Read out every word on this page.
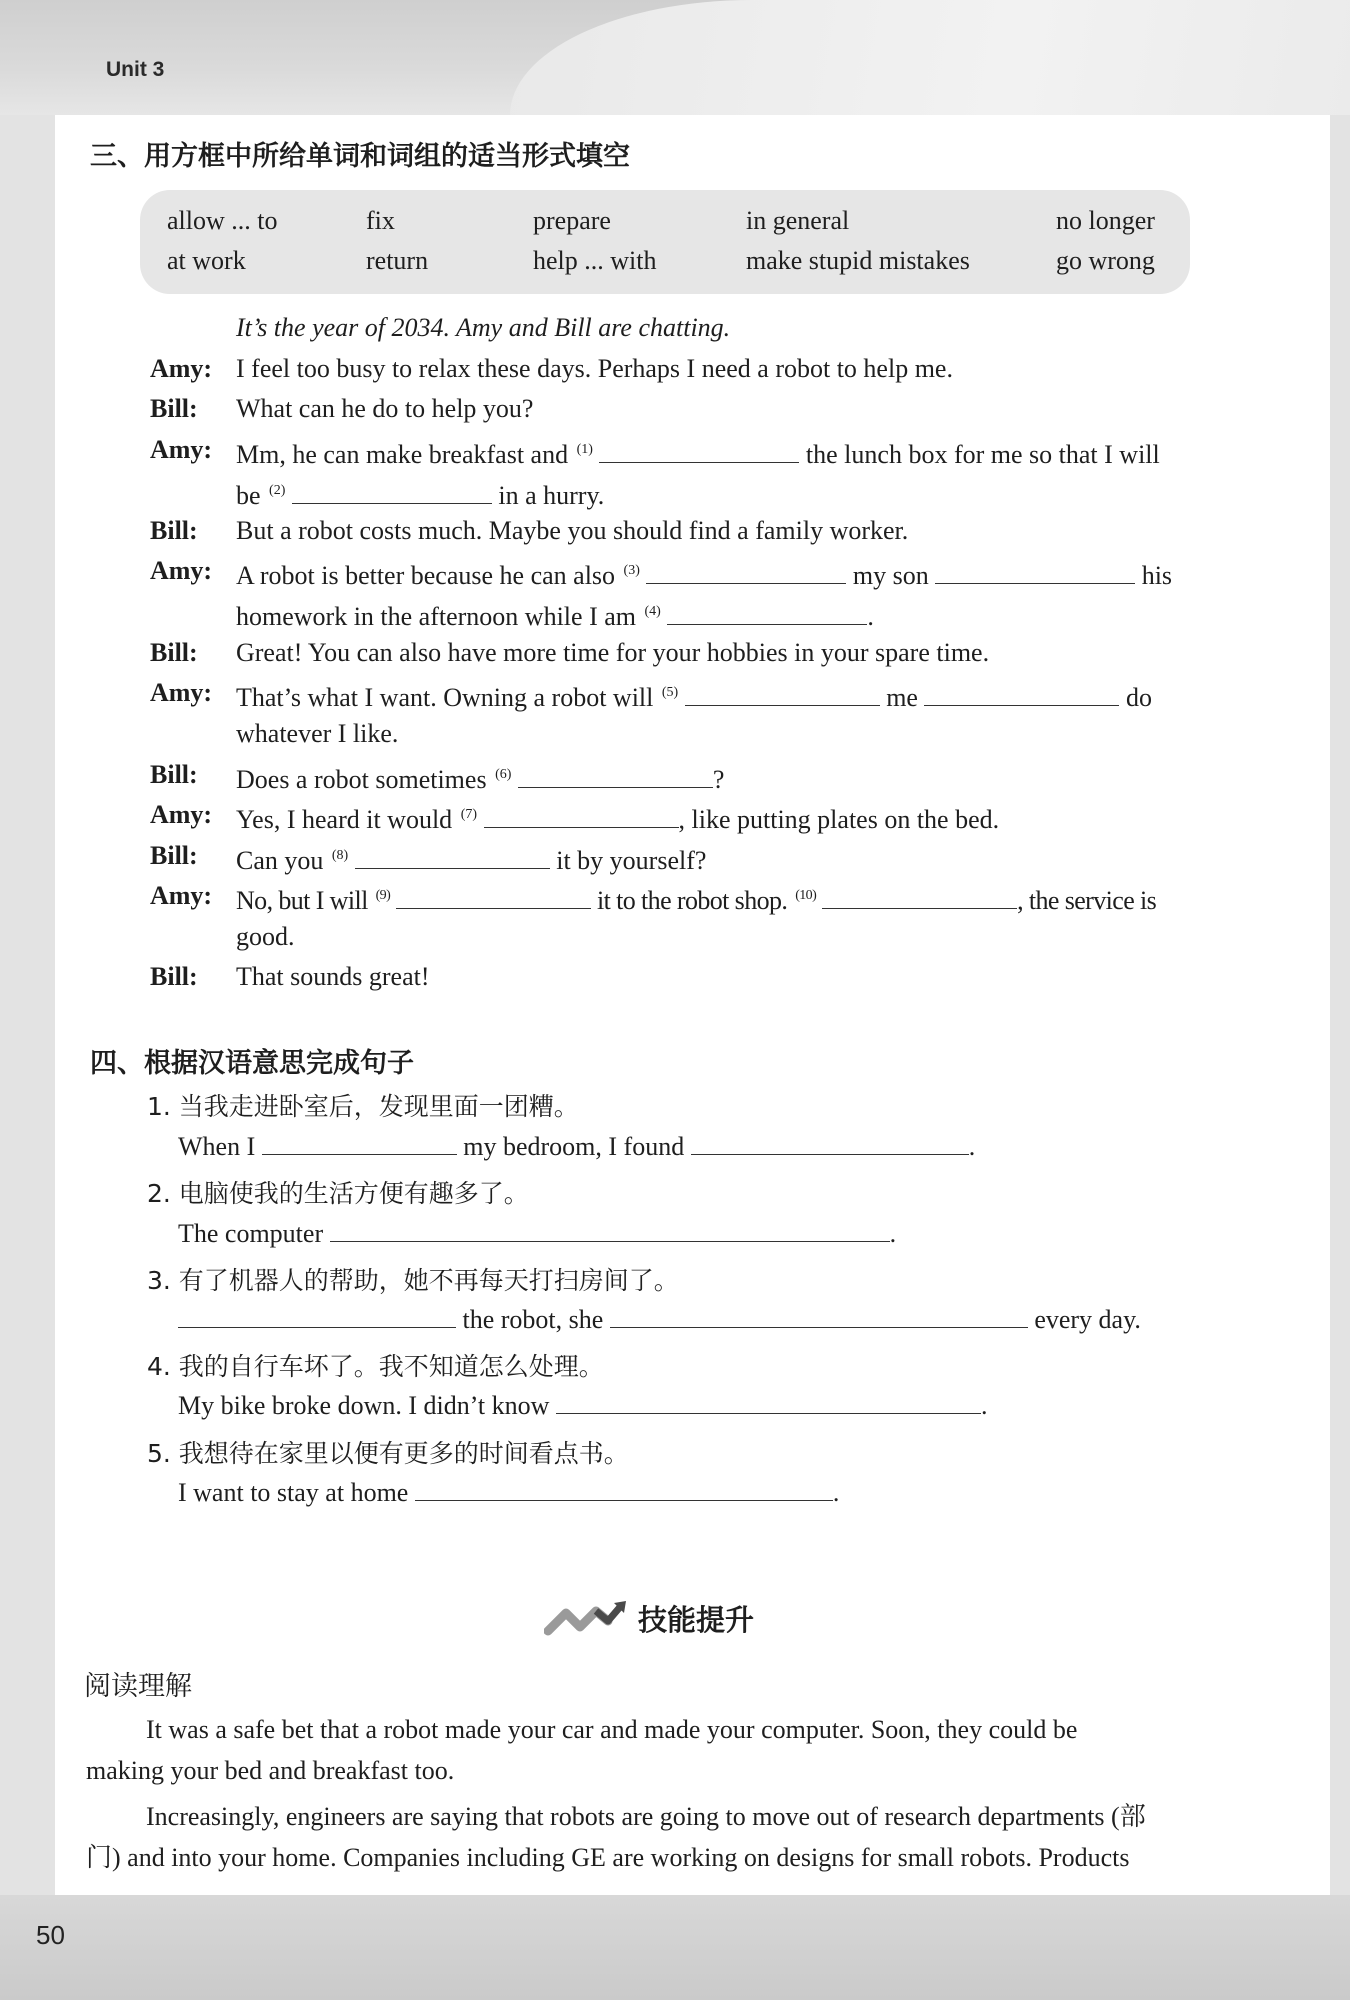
Unit 3
50
三、用方框中所给单词和词组的适当形式填空
allow ... to	fix	prepare	in general	no longer
at work	return	help ... with	make stupid mistakes	go wrong
It’s the year of 2034. Amy and Bill are chatting.
Amy: I feel too busy to relax these days. Perhaps I need a robot to help me.
Bill: What can he do to help you?
Amy: Mm, he can make breakfast and $^{(1)}$	the lunch box for me so that I will
be $^{(2)}$	in a hurry.
Bill: But a robot costs much. Maybe you should find a family worker.
Amy: A robot is better because he can also $^{(3)}$	my son	his
homework in the afternoon while I am $^{(4)}$	.
Bill: Great! You can also have more time for your hobbies in your spare time.
Amy: That’s what I want. Owning a robot will $^{(5)}$	me	do
whatever I like.
Bill: Does a robot sometimes $^{(6)}$	?
Amy: Yes, I heard it would $^{(7)}$	, like putting plates on the bed.
Bill: Can you $^{(8)}$	it by yourself?
Amy: No, but I will $^{(9)}$	it to the robot shop. $^{(10)}$	, the service is
good.
Bill: That sounds great!
四、根据汉语意思完成句子
1. 当我走进卧室后，发现里面一团糟。
When I	my bedroom, I found	.
2. 电脑使我的生活方便有趣多了。
The computer	.
3. 有了机器人的帮助，她不再每天打扫房间了。
the robot, she	every day.
4. 我的自行车坏了。我不知道怎么处理。
My bike broke down. I didn’t know	.
5. 我想待在家里以便有更多的时间看点书。
I want to stay at home	.
技能提升
阅读理解
It was a safe bet that a robot made your car and made your computer. Soon, they could be
making your bed and breakfast too.
Increasingly, engineers are saying that robots are going to move out of research departments (部
门) and into your home. Companies including GE are working on designs for small robots. Products
